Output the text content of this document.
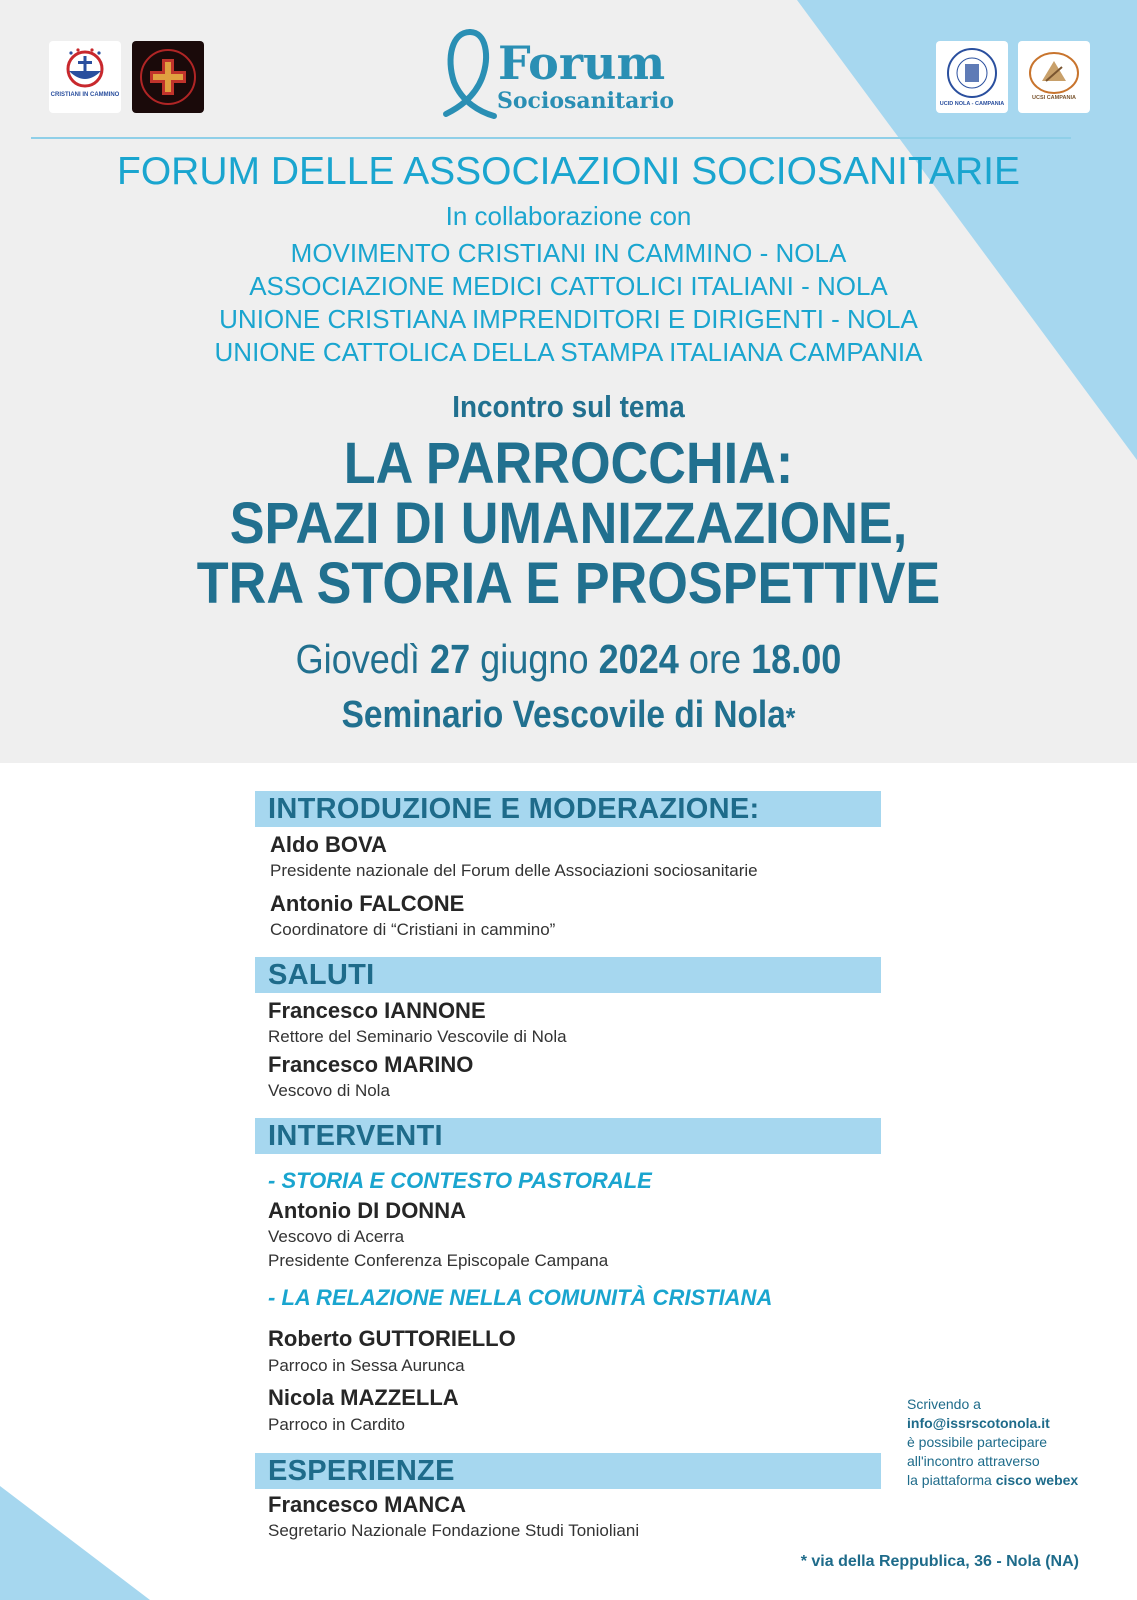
CRISTIANI IN CAMMINO
UCID NOLA - CAMPANIA
UCSI CAMPANIA
Forum
Sociosanitario
FORUM DELLE ASSOCIAZIONI SOCIOSANITARIE
In collaborazione con
MOVIMENTO CRISTIANI IN CAMMINO - NOLA
ASSOCIAZIONE MEDICI CATTOLICI ITALIANI - NOLA
UNIONE CRISTIANA IMPRENDITORI E DIRIGENTI - NOLA
UNIONE CATTOLICA DELLA STAMPA ITALIANA CAMPANIA
Incontro sul tema
LA PARROCCHIA:
SPAZI DI UMANIZZAZIONE,
TRA STORIA E PROSPETTIVE
Giovedì 27 giugno 2024 ore 18.00
Seminario Vescovile di Nola*
INTRODUZIONE E MODERAZIONE:
Aldo BOVA
Presidente nazionale del Forum delle Associazioni sociosanitarie
Antonio FALCONE
Coordinatore di “Cristiani in cammino”
SALUTI
Francesco IANNONE
Rettore del Seminario Vescovile di Nola
Francesco MARINO
Vescovo di Nola
INTERVENTI
- STORIA E CONTESTO PASTORALE
Antonio DI DONNA
Vescovo di Acerra
Presidente Conferenza Episcopale Campana
- LA RELAZIONE NELLA COMUNITÀ CRISTIANA
Roberto GUTTORIELLO
Parroco in Sessa Aurunca
Nicola MAZZELLA
Parroco in Cardito
ESPERIENZE
Francesco MANCA
Segretario Nazionale Fondazione Studi Tonioliani
Scrivendo a
info@issrscotonola.it
è possibile partecipare
all'incontro attraverso
la piattaforma cisco webex
* via della Reppublica, 36 - Nola (NA)
